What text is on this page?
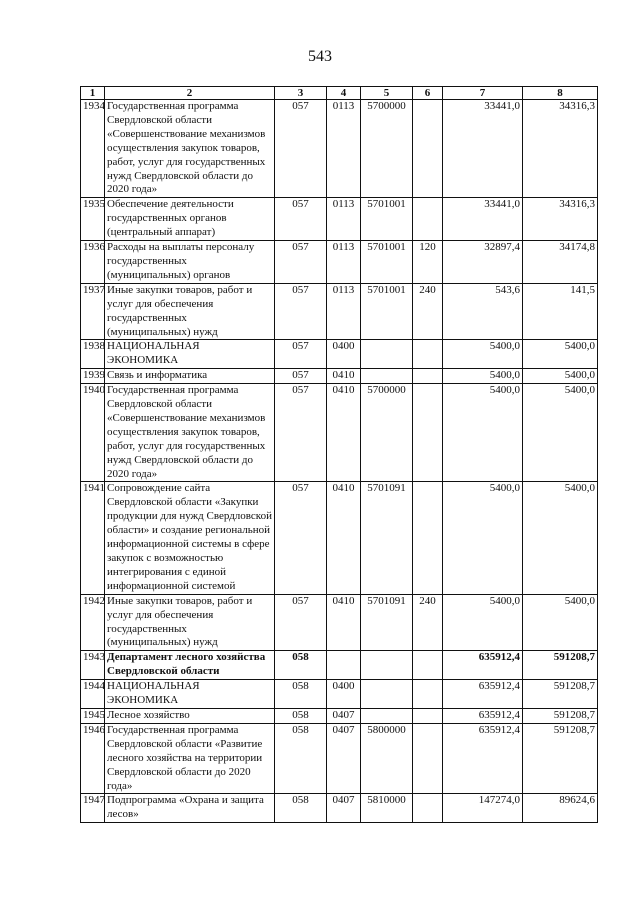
543
1	2	3	4	5	6	7	8
1934	Государственная программа Свердловской области «Совершенствование механизмов осуществления закупок товаров, работ, услуг для государственных нужд Свердловской области до 2020 года»	057	0113	5700000		33441,0	34316,3
1935	Обеспечение деятельности государственных органов (центральный аппарат)	057	0113	5701001		33441,0	34316,3
1936	Расходы на выплаты персоналу государственных (муниципальных) органов	057	0113	5701001	120	32897,4	34174,8
1937	Иные закупки товаров, работ и услуг для обеспечения государственных (муниципальных) нужд	057	0113	5701001	240	543,6	141,5
1938	НАЦИОНАЛЬНАЯ ЭКОНОМИКА	057	0400			5400,0	5400,0
1939	Связь и информатика	057	0410			5400,0	5400,0
1940	Государственная программа Свердловской области «Совершенствование механизмов осуществления закупок товаров, работ, услуг для государственных нужд Свердловской области до 2020 года»	057	0410	5700000		5400,0	5400,0
1941	Сопровождение сайта Свердловской области «Закупки продукции для нужд Свердловской области» и создание региональной информационной системы в сфере закупок с возможностью интегрирования с единой информационной системой	057	0410	5701091		5400,0	5400,0
1942	Иные закупки товаров, работ и услуг для обеспечения государственных (муниципальных) нужд	057	0410	5701091	240	5400,0	5400,0
1943	Департамент лесного хозяйства Свердловской области	058				635912,4	591208,7
1944	НАЦИОНАЛЬНАЯ ЭКОНОМИКА	058	0400			635912,4	591208,7
1945	Лесное хозяйство	058	0407			635912,4	591208,7
1946	Государственная программа Свердловской области «Развитие лесного хозяйства на территории Свердловской области до 2020 года»	058	0407	5800000		635912,4	591208,7
1947	Подпрограмма «Охрана и защита лесов»	058	0407	5810000		147274,0	89624,6
